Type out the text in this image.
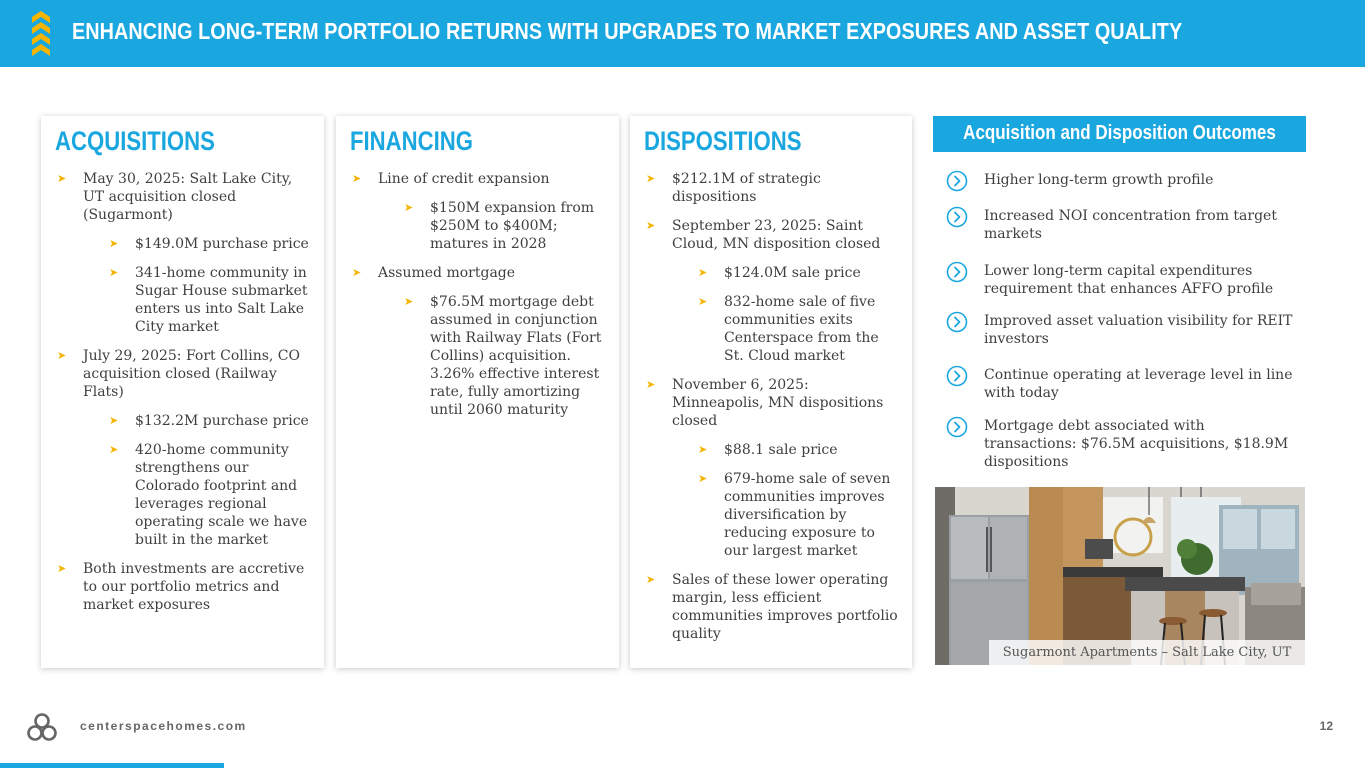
ENHANCING LONG-TERM PORTFOLIO RETURNS WITH UPGRADES TO MARKET EXPOSURES AND ASSET QUALITY
ACQUISITIONS
➤ May 30, 2025: Salt Lake City, UT acquisition closed (Sugarmont)
➤ $149.0M purchase price
➤ 341-home community in Sugar House submarket enters us into Salt Lake City market
➤ July 29, 2025: Fort Collins, CO acquisition closed (Railway Flats)
➤ $132.2M purchase price
➤ 420-home community strengthens our Colorado footprint and leverages regional operating scale we have built in the market
➤ Both investments are accretive to our portfolio metrics and market exposures
FINANCING
➤ Line of credit expansion
➤ $150M expansion from $250M to $400M; matures in 2028
➤ Assumed mortgage
➤ $76.5M mortgage debt assumed in conjunction with Railway Flats (Fort Collins) acquisition. 3.26% effective interest rate, fully amortizing until 2060 maturity
DISPOSITIONS
➤ $212.1M of strategic dispositions
➤ September 23, 2025: Saint Cloud, MN disposition closed
➤ $124.0M sale price
➤ 832-home sale of five communities exits Centerspace from the St. Cloud market
➤ November 6, 2025: Minneapolis, MN dispositions closed
➤ $88.1 sale price
➤ 679-home sale of seven communities improves diversification by reducing exposure to our largest market
➤ Sales of these lower operating margin, less efficient communities improves portfolio quality
Acquisition and Disposition Outcomes
Higher long-term growth profile
Increased NOI concentration from target markets
Lower long-term capital expenditures requirement that enhances AFFO profile
Improved asset valuation visibility for REIT investors
Continue operating at leverage level in line with today
Mortgage debt associated with transactions: $76.5M acquisitions, $18.9M dispositions
Sugarmont Apartments – Salt Lake City, UT
centerspacehomes.com	12
